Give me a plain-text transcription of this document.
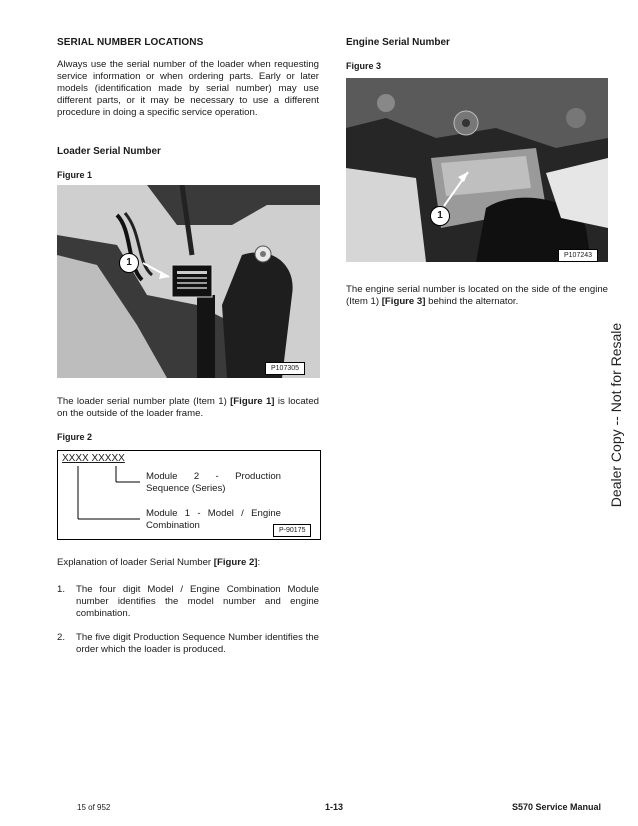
SERIAL NUMBER LOCATIONS
Always use the serial number of the loader when requesting service information or when ordering parts. Early or later models (identification made by serial number) may use different parts, or it may be necessary to use a different procedure in doing a specific service operation.
Loader Serial Number
Figure 1
1
P107305
The loader serial number plate (Item 1) [Figure 1] is located on the outside of the loader frame.
Figure 2
XXXX XXXXX
Module 2 - Production Sequence (Series)
Module 1 - Model / Engine Combination	P-90175
Explanation of loader Serial Number [Figure 2]:
1. The four digit Model / Engine Combination Module number identifies the model number and engine combination.
2. The five digit Production Sequence Number identifies the order which the loader is produced.
Engine Serial Number
Figure 3
1
P107243
The engine serial number is located on the side of the engine (Item 1) [Figure 3] behind the alternator.
Dealer Copy -- Not for Resale
15 of 952	1-13	S570 Service Manual
